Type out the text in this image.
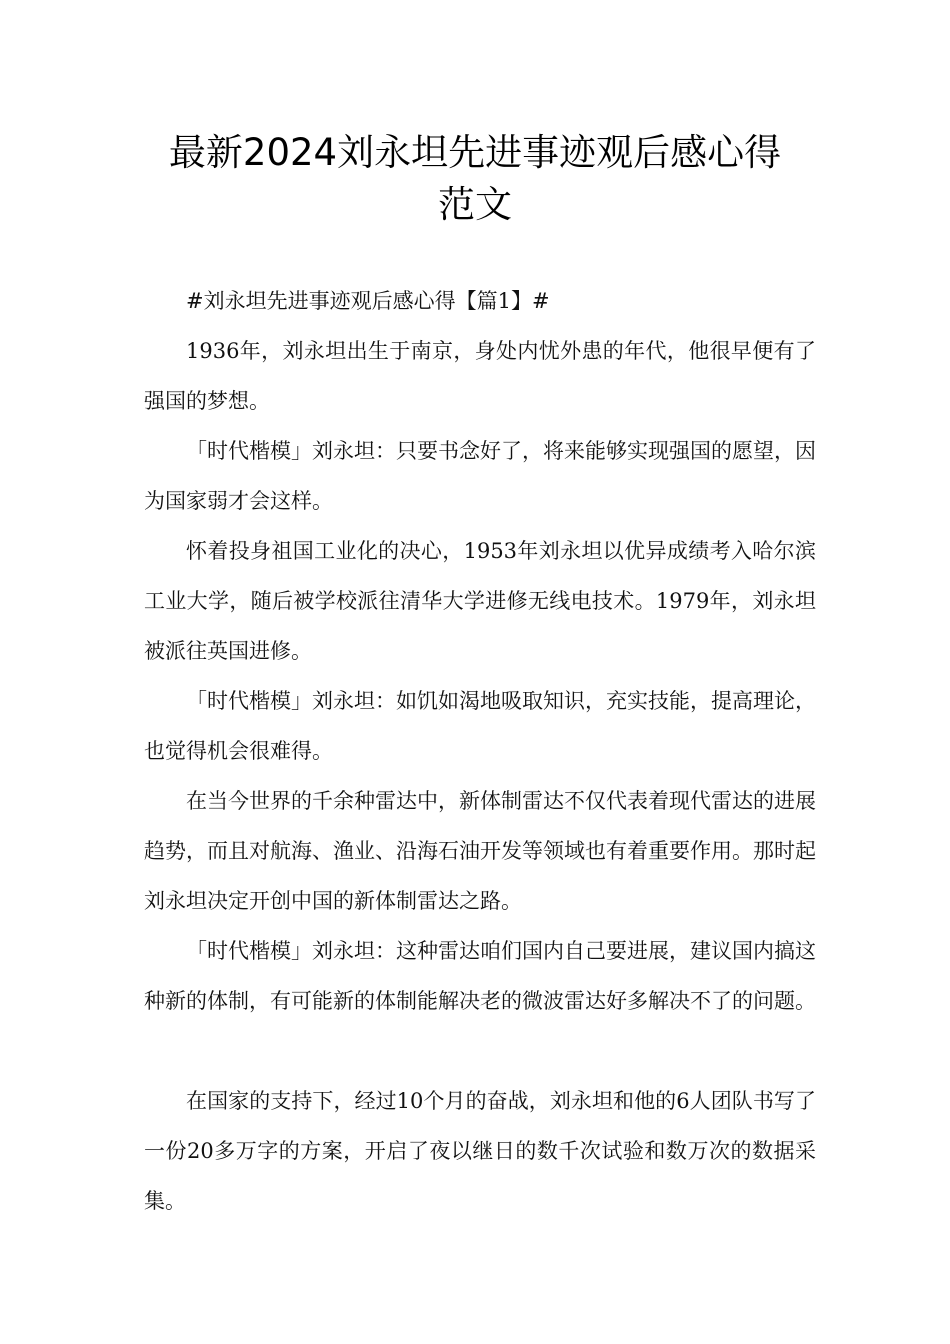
最新2024刘永坦先进事迹观后感心得
范文

#刘永坦先进事迹观后感心得【篇1】#

1936年，刘永坦出生于南京，身处内忧外患的年代，他很早便有了强国的梦想。

「时代楷模」刘永坦：只要书念好了，将来能够实现强国的愿望，因为国家弱才会这样。

怀着投身祖国工业化的决心，1953年刘永坦以优异成绩考入哈尔滨工业大学，随后被学校派往清华大学进修无线电技术。1979年，刘永坦被派往英国进修。

「时代楷模」刘永坦：如饥如渴地吸取知识，充实技能，提高理论，也觉得机会很难得。

在当今世界的千余种雷达中，新体制雷达不仅代表着现代雷达的进展趋势，而且对航海、渔业、沿海石油开发等领域也有着重要作用。那时起刘永坦决定开创中国的新体制雷达之路。

「时代楷模」刘永坦：这种雷达咱们国内自己要进展，建议国内搞这种新的体制，有可能新的体制能解决老的微波雷达好多解决不了的问题。

在国家的支持下，经过10个月的奋战，刘永坦和他的6人团队书写了一份20多万字的方案，开启了夜以继日的数千次试验和数万次的数据采集。
